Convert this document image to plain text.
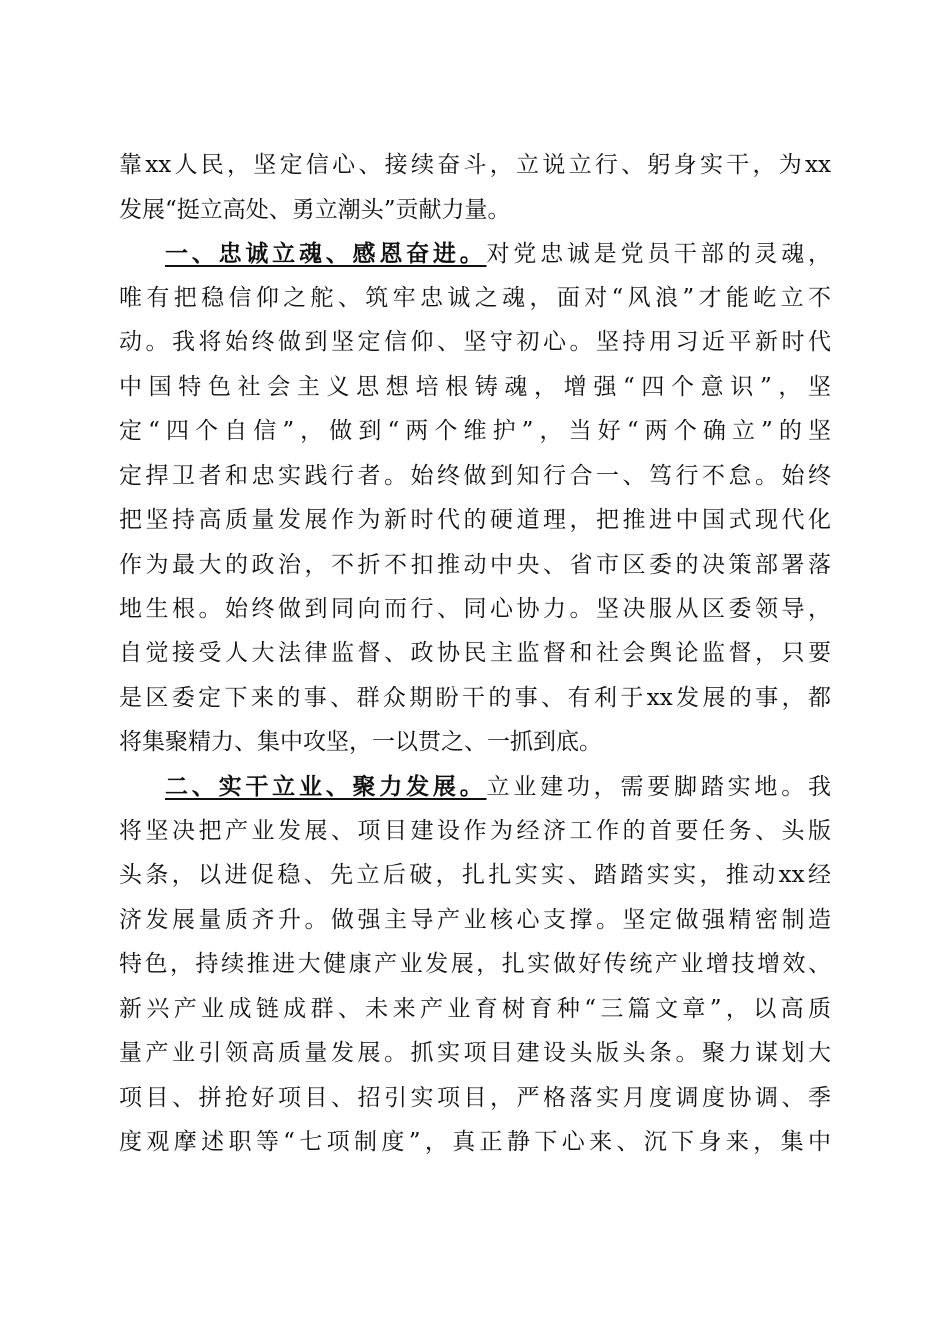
靠xx人民，坚定信心、接续奋斗，立说立行、躬身实干，为xx
发展“挺立高处、勇立潮头”贡献力量。
一、忠诚立魂、感恩奋进。对党忠诚是党员干部的灵魂，
唯有把稳信仰之舵、筑牢忠诚之魂，面对“风浪”才能屹立不
动。我将始终做到坚定信仰、坚守初心。坚持用习近平新时代
中国特色社会主义思想培根铸魂，增强“四个意识”，坚
定“四个自信”，做到“两个维护”，当好“两个确立”的坚
定捍卫者和忠实践行者。始终做到知行合一、笃行不怠。始终
把坚持高质量发展作为新时代的硬道理，把推进中国式现代化
作为最大的政治，不折不扣推动中央、省市区委的决策部署落
地生根。始终做到同向而行、同心协力。坚决服从区委领导，
自觉接受人大法律监督、政协民主监督和社会舆论监督，只要
是区委定下来的事、群众期盼干的事、有利于xx发展的事，都
将集聚精力、集中攻坚，一以贯之、一抓到底。
二、实干立业、聚力发展。立业建功，需要脚踏实地。我
将坚决把产业发展、项目建设作为经济工作的首要任务、头版
头条，以进促稳、先立后破，扎扎实实、踏踏实实，推动xx经
济发展量质齐升。做强主导产业核心支撑。坚定做强精密制造
特色，持续推进大健康产业发展，扎实做好传统产业增技增效、
新兴产业成链成群、未来产业育树育种“三篇文章”，以高质
量产业引领高质量发展。抓实项目建设头版头条。聚力谋划大
项目、拼抢好项目、招引实项目，严格落实月度调度协调、季
度观摩述职等“七项制度”，真正静下心来、沉下身来，集中
